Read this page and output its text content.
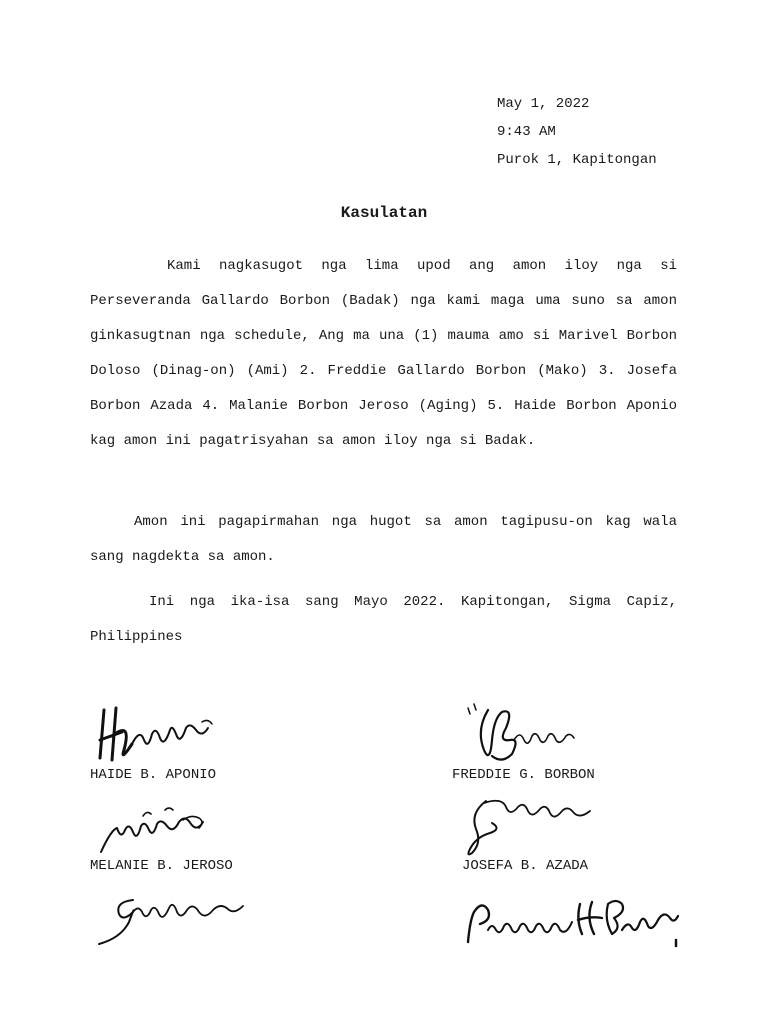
May 1, 2022
9:43 AM
Purok 1, Kapitongan
Kasulatan

Kami nagkasugot nga lima upod ang amon iloy nga si Perseveranda Gallardo Borbon (Badak) nga kami maga uma suno sa amon ginkasugtnan nga schedule, Ang ma una (1) mauma amo si Marivel Borbon Doloso (Dinag-on) (Ami) 2. Freddie Gallardo Borbon (Mako) 3. Josefa Borbon Azada 4. Malanie Borbon Jeroso (Aging) 5. Haide Borbon Aponio kag amon ini pagatrisyahan sa amon iloy nga si Badak.

Amon ini pagapirmahan nga hugot sa amon tagipusu-on kag wala sang nagdekta sa amon.

Ini nga ika-isa sang Mayo 2022. Kapitongan, Sigma Capiz, Philippines

HAIDE B. APONIO	FREDDIE G. BORBON
MELANIE B. JEROSO	JOSEFA B. AZADA
